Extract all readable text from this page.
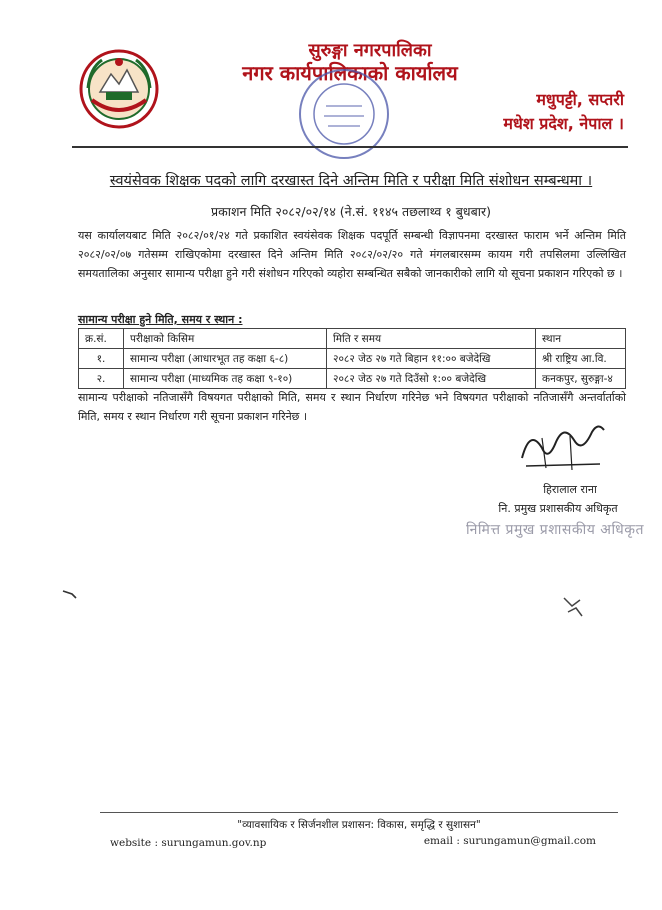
सुरुङ्गा नगरपालिका
नगर कार्यपालिकाको कार्यालय
मधुपट्टी, सप्तरी
मधेश प्रदेश, नेपाल ।
स्वयंसेवक शिक्षक पदको लागि दरखास्त दिने अन्तिम मिति र परीक्षा मिति संशोधन सम्बन्धमा ।
प्रकाशन मिति २०८२/०२/१४ (ने.सं. ११४५ तछलाथ्व १ बुधबार)
यस कार्यालयबाट मिति २०८२/०१/२४ गते प्रकाशित स्वयंसेवक शिक्षक पदपूर्ति सम्बन्धी विज्ञापनमा दरखास्त फाराम भर्ने अन्तिम मिति २०८२/०२/०७ गतेसम्म राखिएकोमा दरखास्त दिने अन्तिम मिति २०८२/०२/२० गते मंगलबारसम्म कायम गरी तपसिलमा उल्लिखित समयतालिका अनुसार सामान्य परीक्षा हुने गरी संशोधन गरिएको व्यहोरा सम्बन्धित सबैको जानकारीको लागि यो सूचना प्रकाशन गरिएको छ ।
सामान्य परीक्षा हुने मिति, समय र स्थान :
क्र.सं.	परीक्षाको किसिम	मिति र समय	स्थान
१.	सामान्य परीक्षा (आधारभूत तह कक्षा ६-८)	२०८२ जेठ २७ गते बिहान ११:०० बजेदेखि	श्री राष्ट्रिय आ.वि.
२.	सामान्य परीक्षा (माध्यमिक तह कक्षा ९-१०)	२०८२ जेठ २७ गते दिउँसो १:०० बजेदेखि	कनकपुर, सुरुङ्गा-४
सामान्य परीक्षाको नतिजासँगै विषयगत परीक्षाको मिति, समय र स्थान निर्धारण गरिनेछ भने विषयगत परीक्षाको नतिजासँगै अन्तर्वार्ताको मिति, समय र स्थान निर्धारण गरी सूचना प्रकाशन गरिनेछ ।
हिरालाल राना
नि. प्रमुख प्रशासकीय अधिकृत
निमित्त प्रमुख प्रशासकीय अधिकृत
"व्यावसायिक र सिर्जनशील प्रशासन: विकास, समृद्धि र सुशासन"
website : surungamun.gov.np	email : surungamun@gmail.com
